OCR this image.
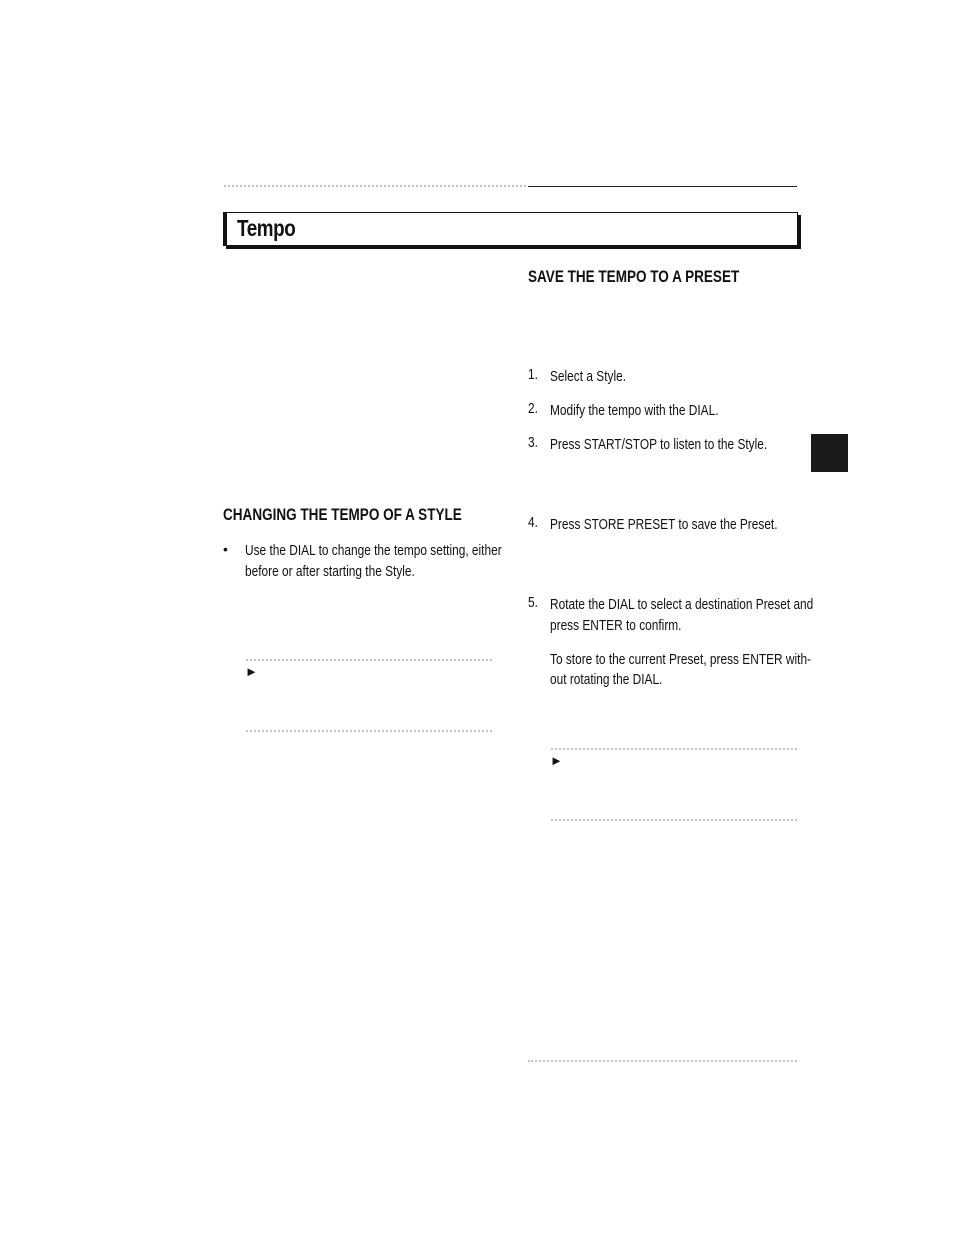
Tempo
CHANGING THE TEMPO OF A STYLE
• Use the DIAL to change the tempo setting, either
before or after starting the Style.
►
SAVE THE TEMPO TO A PRESET
1. Select a Style.
2. Modify the tempo with the DIAL.
3. Press START/STOP to listen to the Style.
4. Press STORE PRESET to save the Preset.
5. Rotate the DIAL to select a destination Preset and
press ENTER to confirm.
To store to the current Preset, press ENTER with-
out rotating the DIAL.
►
